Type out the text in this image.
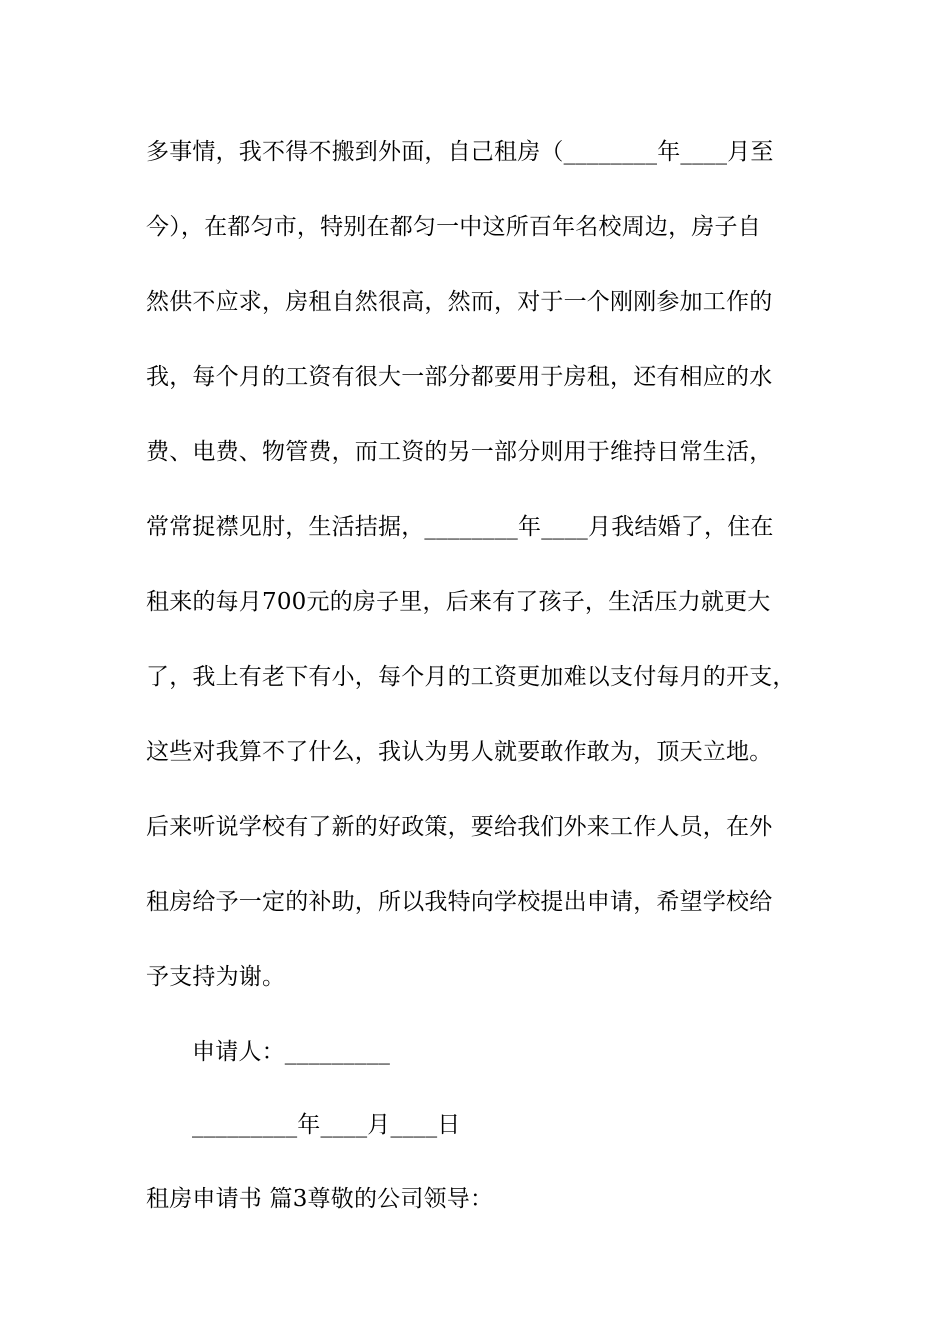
多事情，我不得不搬到外面，自己租房（________年____月至
今），在都匀市，特别在都匀一中这所百年名校周边，房子自
然供不应求，房租自然很高，然而，对于一个刚刚参加工作的
我，每个月的工资有很大一部分都要用于房租，还有相应的水
费、电费、物管费，而工资的另一部分则用于维持日常生活，
常常捉襟见肘，生活拮据，________年____月我结婚了，住在
租来的每月700元的房子里，后来有了孩子，生活压力就更大
了，我上有老下有小，每个月的工资更加难以支付每月的开支，
这些对我算不了什么，我认为男人就要敢作敢为，顶天立地。
后来听说学校有了新的好政策，要给我们外来工作人员，在外
租房给予一定的补助，所以我特向学校提出申请，希望学校给
予支持为谢。
申请人：_________
_________年____月____日
租房申请书 篇3尊敬的公司领导：
